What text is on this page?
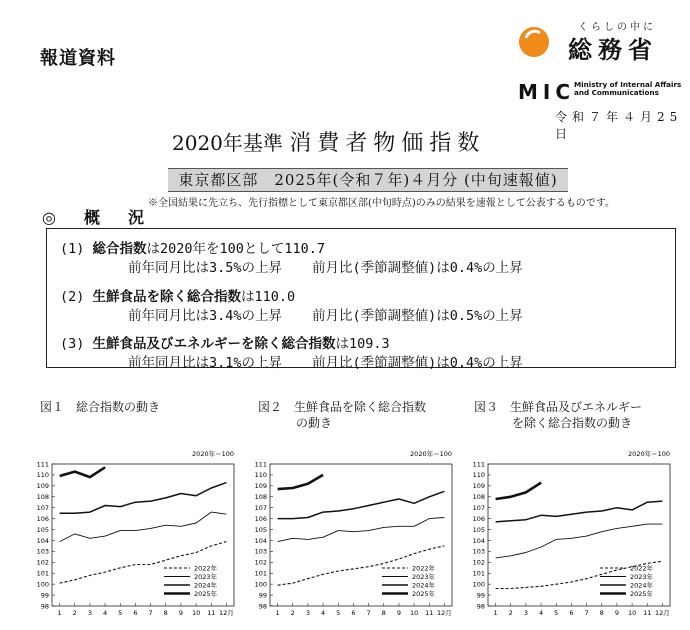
報道資料
くらしの中に
総務省
MIC
Ministry of Internal Affairs
and Communications
令和７年４月25日
2020年基準 消費者物価指数
東京都区部　2025年(令和７年)４月分 (中旬速報値)
※全国結果に先立ち、先行指標として東京都区部(中旬時点)のみの結果を速報として公表するものです。
◎　概　況
(1) 総合指数は2020年を100として110.7
前年同月比は3.5%の上昇 前月比(季節調整値)は0.4%の上昇
(2) 生鮮食品を除く総合指数は110.0
前年同月比は3.4%の上昇 前月比(季節調整値)は0.5%の上昇
(3) 生鮮食品及びエネルギーを除く総合指数は109.3
前年同月比は3.1%の上昇 前月比(季節調整値)は0.4%の上昇
図１　 総合指数の動き	図２　 生鮮食品を除く総合指数
の動き
図３　 生鮮食品及びエネルギー
を除く総合指数の動き
2020年＝100
98
99
100
101
102
103
104
105
106
107
108
109
110
111
1 2 3 4 5 6 7 8 9 10 11 12月
2022年
2023年
2024年
2025年
2020年＝100
98
99
100
101
102
103
104
105
106
107
108
109
110
111
1 2 3 4 5 6 7 8 9 10 11 12月
2022年
2023年
2024年
2025年
2020年＝100
98
99
100
101
102
103
104
105
106
107
108
109
110
111
1 2 3 4 5 6 7 8 9 10 11 12月
2022年
2023年
2024年
2025年
